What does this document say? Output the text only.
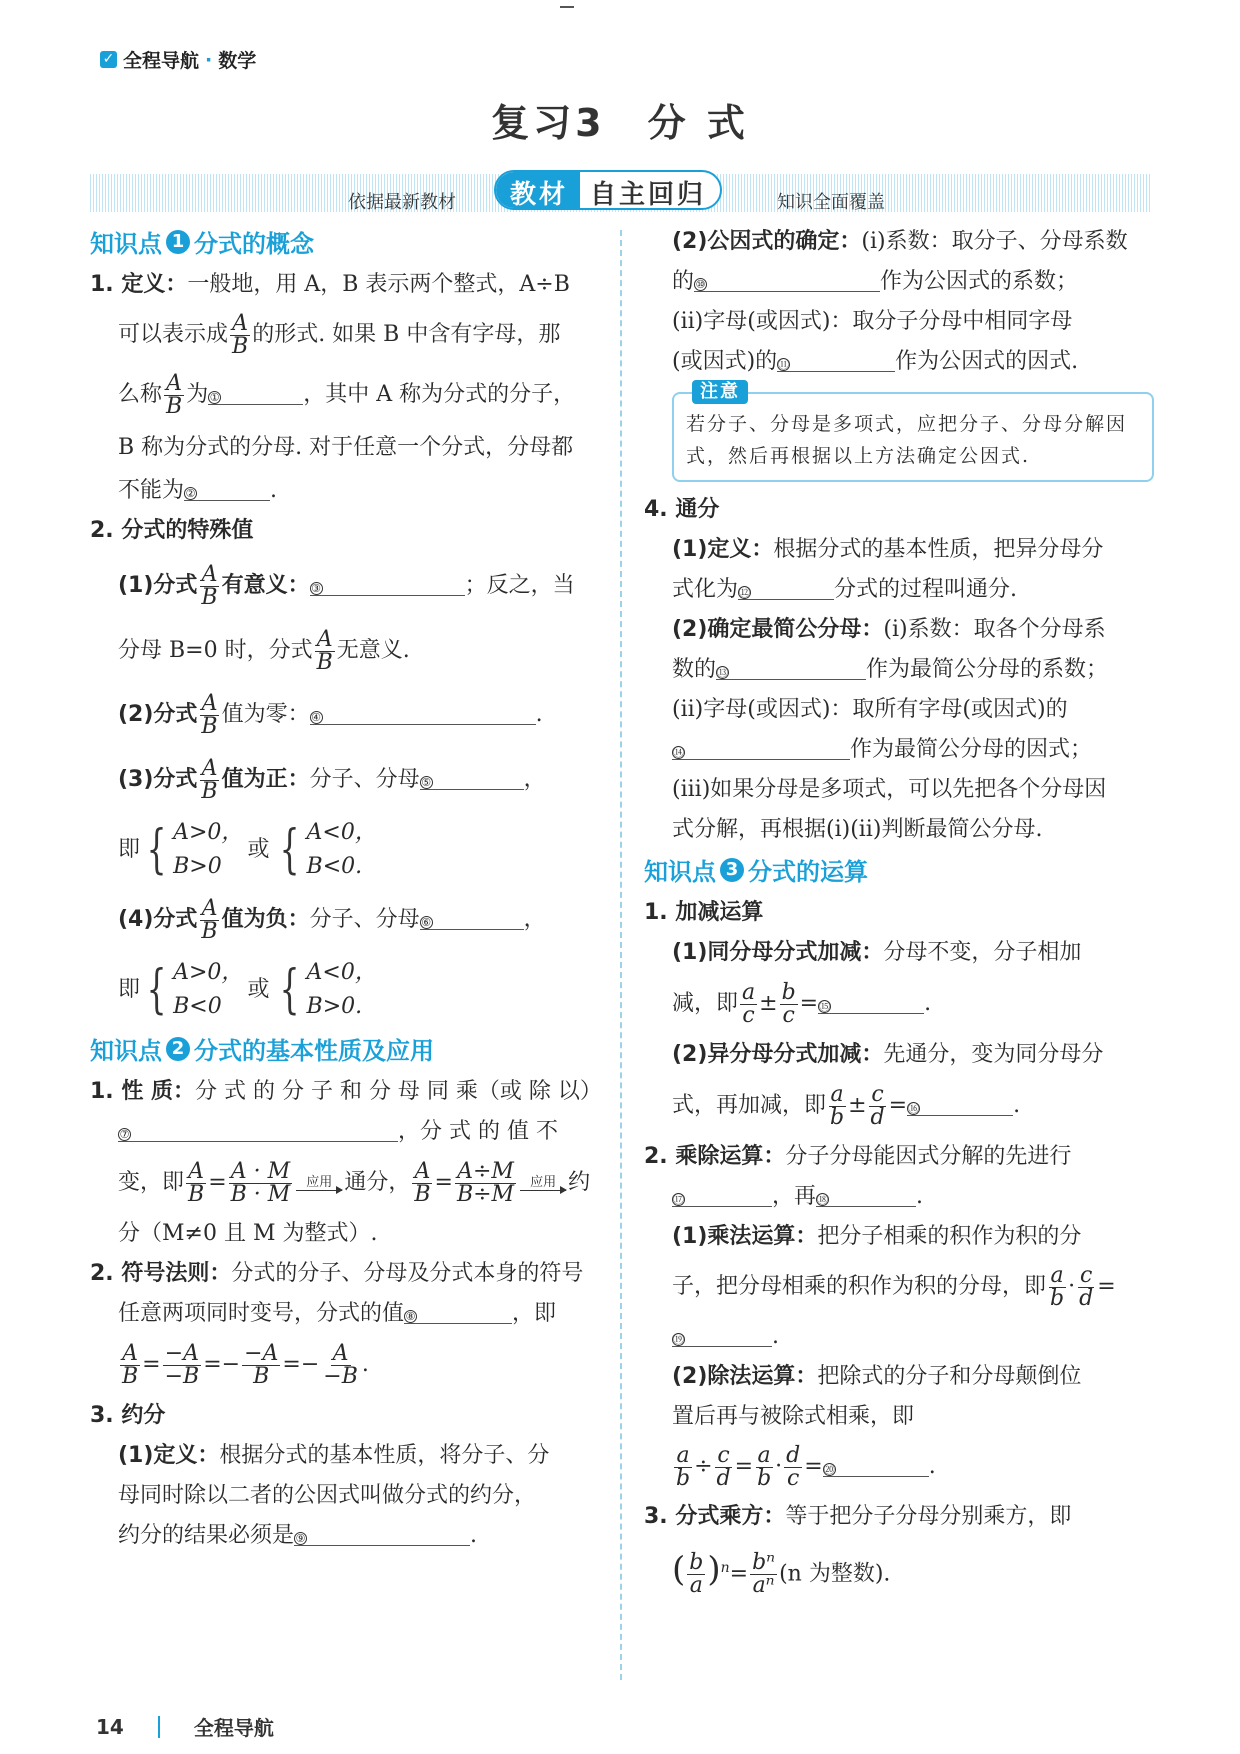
✓ 全程导航 · 数学
复习3　分 式
依据最新教材	教材 自主回归	知识全面覆盖
知识点 1 分式的概念

1. 定义：一般地，用 A，B 表示两个整式，A÷B

可以表示成 $\frac{A}{B}$ 的形式. 如果 B 中含有字母，那

么称 $\frac{A}{B}$ 为 ①	，其中 A 称为分式的分子，

B 称为分式的分母. 对于任意一个分式，分母都

不能为 ②	.

2. 分式的特殊值

(1)分式 $\frac{A}{B}$ 有意义： ③	；反之，当

分母 B=0 时，分式 $\frac{A}{B}$ 无意义.

(2)分式 $\frac{A}{B}$ 值为零： ④	.

(3)分式 $\frac{A}{B}$ 值为正：分子、分母 ⑤	，

即 { A>0，
B>0
或 { A<0，
B<0.

(4)分式 $\frac{A}{B}$ 值为负：分子、分母 ⑥	，

即 { A>0，
B<0
或 { A<0，
B>0.
知识点 2 分式的基本性质及应用

1. 性 质：分 式 的 分 子 和 分 母 同 乘（或 除 以）

⑦	，分 式 的 值 不

变，即 $\frac{A}{B} = \frac{A \cdot M}{B \cdot M}$ 应用 通分， $\frac{A}{B} = \frac{A\div M}{B\div M}$ 应用 约

分（M≠0 且 M 为整式）.

2. 符号法则：分式的分子、分母及分式本身的符号

任意两项同时变号，分式的值 ⑧	，即

$\frac{A}{B} = \frac{-A}{-B} =- \frac{-A}{B} =- \frac{A}{-B}$ .

3. 约分

(1)定义：根据分式的基本性质，将分子、分

母同时除以二者的公因式叫做分式的约分，

约分的结果必须是 ⑨	.

(2)公因式的确定：(ⅰ)系数：取分子、分母系数

的 ⑩	作为公因式的系数；

(ⅱ)字母(或因式)：取分子分母中相同字母

(或因式)的 ⑪	作为公因式的因式.

注意
若分子、分母是多项式，应把分子、分母分解因式，然后再根据以上方法确定公因式.

4. 通分

(1)定义：根据分式的基本性质，把异分母分

式化为 ⑫	分式的过程叫通分.

(2)确定最简公分母：(ⅰ)系数：取各个分母系

数的 ⑬	作为最简公分母的系数；

(ⅱ)字母(或因式)：取所有字母(或因式)的

⑭	作为最简公分母的因式；

(ⅲ)如果分母是多项式，可以先把各个分母因

式分解，再根据(ⅰ)(ⅱ)判断最简公分母.

知识点 3 分式的运算

1. 加减运算

(1)同分母分式加减：分母不变，分子相加

减，即 $\frac{a}{c} \pm \frac{b}{c}$ = ⑮	.

(2)异分母分式加减：先通分，变为同分母分

式，再加减，即 $\frac{a}{b} \pm \frac{c}{d}$ = ⑯	.

2. 乘除运算：分子分母能因式分解的先进行

⑰	，再 ⑱	.

(1)乘法运算：把分子相乘的积作为积的分

子，把分母相乘的积作为积的分母，即 $\frac{a}{b} \cdot \frac{c}{d}$ =

⑲	.

(2)除法运算：把除式的分子和分母颠倒位

置后再与被除式相乘，即

$\frac{a}{b} \div \frac{c}{d} = \frac{a}{b} \cdot \frac{d}{c}$ = ⑳	.

3. 分式乘方：等于把分子分母分别乘方，即

( $\frac{b}{a} )^n= \frac{\text{bⁿ}}{\text{aⁿ}} (n$ 为整数).

14	全程导航
